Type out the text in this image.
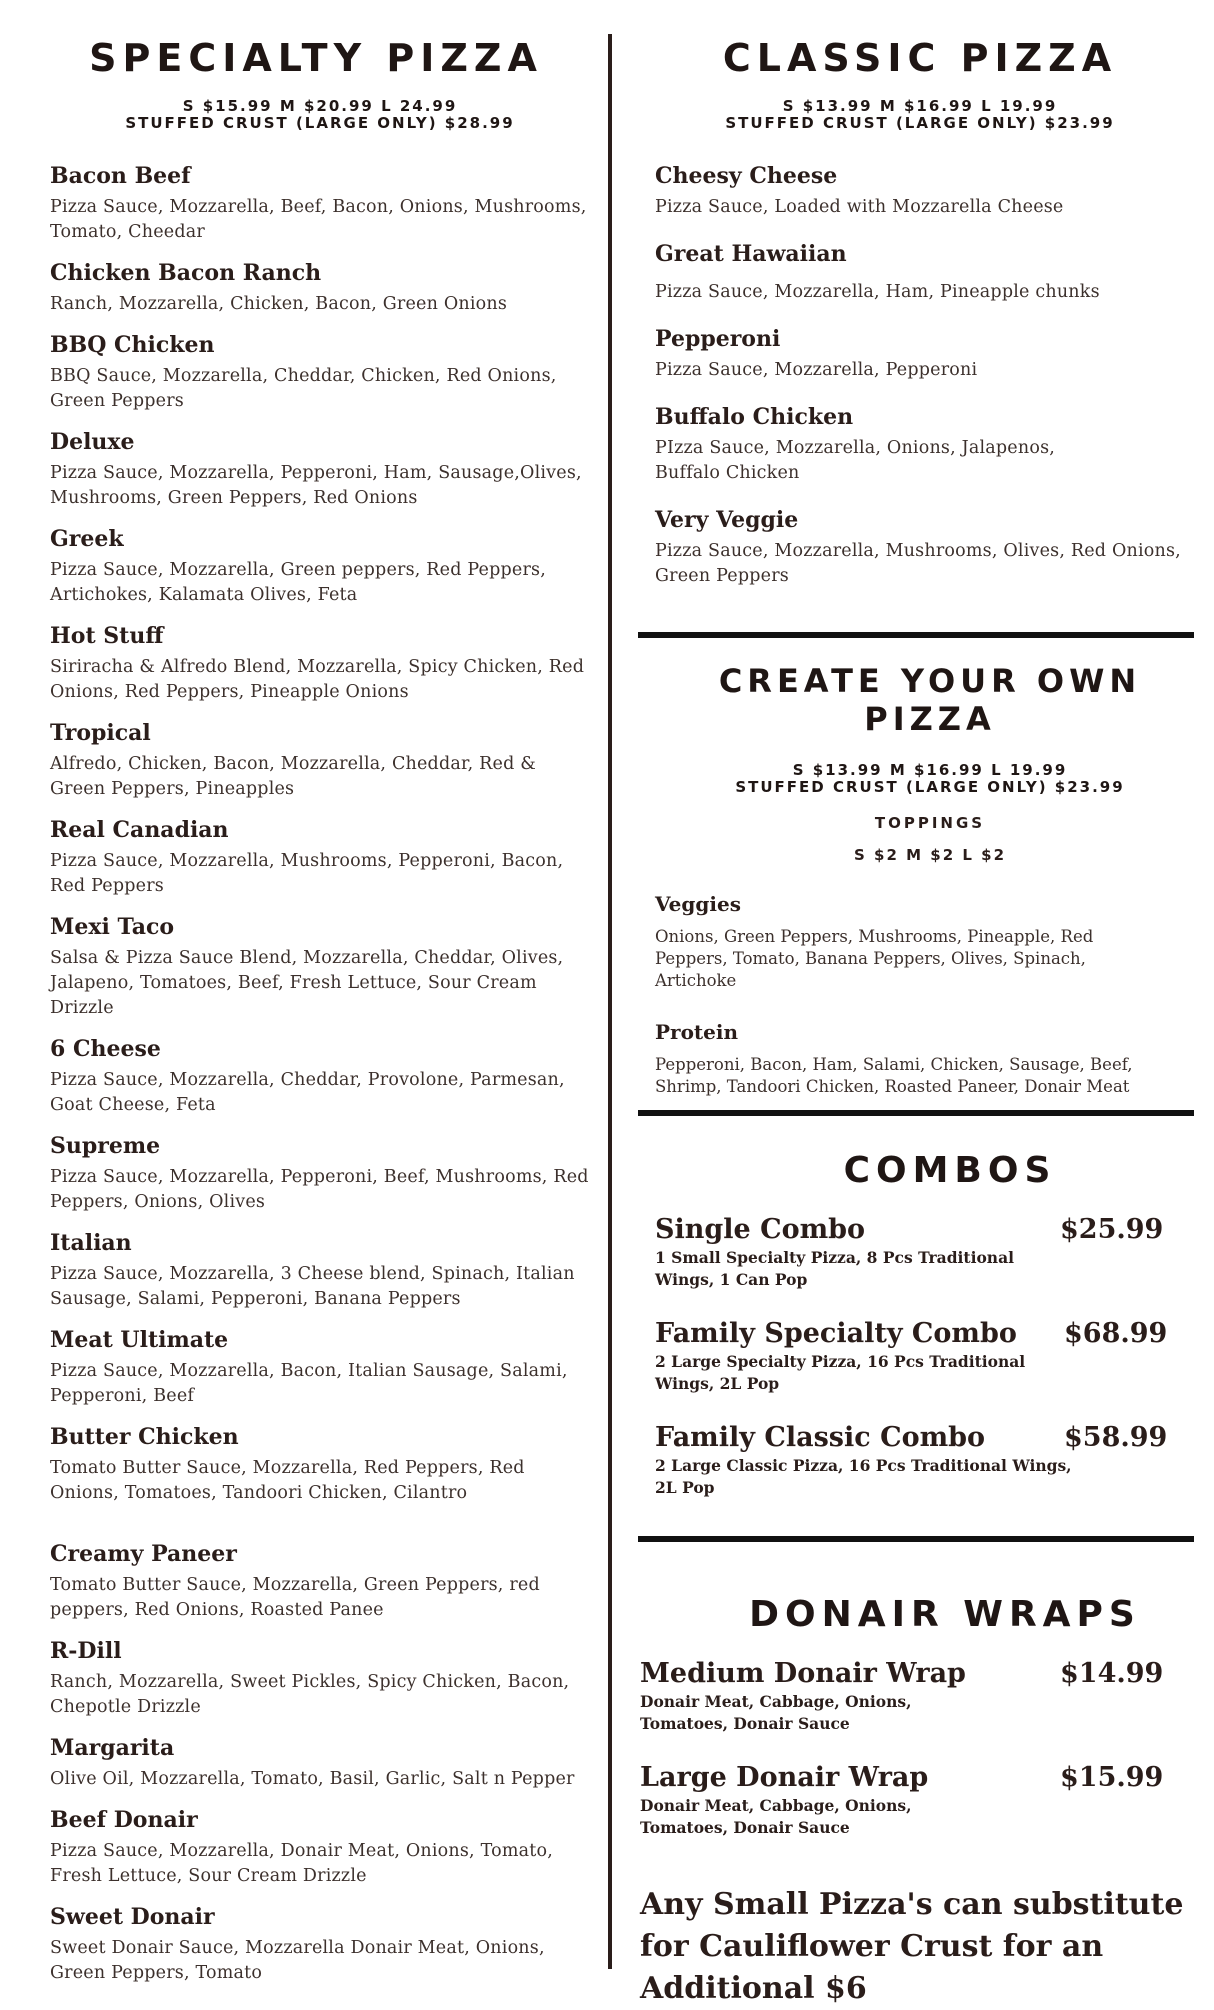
SPECIALTY PIZZA
S $15.99 M $20.99 L 24.99
STUFFED CRUST (LARGE ONLY) $28.99
Bacon Beef
Pizza Sauce, Mozzarella, Beef, Bacon, Onions, Mushrooms, Tomato, Cheedar
Chicken Bacon Ranch
Ranch, Mozzarella, Chicken, Bacon, Green Onions
BBQ Chicken
BBQ Sauce, Mozzarella, Cheddar, Chicken, Red Onions, Green Peppers
Deluxe
Pizza Sauce, Mozzarella, Pepperoni, Ham, Sausage,Olives, Mushrooms, Green Peppers, Red Onions
Greek
Pizza Sauce, Mozzarella, Green peppers, Red Peppers, Artichokes, Kalamata Olives, Feta
Hot Stuff
Siriracha & Alfredo Blend, Mozzarella, Spicy Chicken, Red Onions, Red Peppers, Pineapple Onions
Tropical
Alfredo, Chicken, Bacon, Mozzarella, Cheddar, Red & Green Peppers, Pineapples
Real Canadian
Pizza Sauce, Mozzarella, Mushrooms, Pepperoni, Bacon, Red Peppers
Mexi Taco
Salsa & Pizza Sauce Blend, Mozzarella, Cheddar, Olives, Jalapeno, Tomatoes, Beef, Fresh Lettuce, Sour Cream Drizzle
6 Cheese
Pizza Sauce, Mozzarella, Cheddar, Provolone, Parmesan, Goat Cheese, Feta
Supreme
Pizza Sauce, Mozzarella, Pepperoni, Beef, Mushrooms, Red Peppers, Onions, Olives
Italian
Pizza Sauce, Mozzarella, 3 Cheese blend, Spinach, Italian Sausage, Salami, Pepperoni, Banana Peppers
Meat Ultimate
Pizza Sauce, Mozzarella, Bacon, Italian Sausage, Salami, Pepperoni, Beef
Butter Chicken
Tomato Butter Sauce, Mozzarella, Red Peppers, Red Onions, Tomatoes, Tandoori Chicken, Cilantro
Creamy Paneer
Tomato Butter Sauce, Mozzarella, Green Peppers, red peppers, Red Onions, Roasted Panee
R-Dill
Ranch, Mozzarella, Sweet Pickles, Spicy Chicken, Bacon, Chepotle Drizzle
Margarita
Olive Oil, Mozzarella, Tomato, Basil, Garlic, Salt n Pepper
Beef Donair
Pizza Sauce, Mozzarella, Donair Meat, Onions, Tomato, Fresh Lettuce, Sour Cream Drizzle
Sweet Donair
Sweet Donair Sauce, Mozzarella Donair Meat, Onions, Green Peppers, Tomato
CLASSIC PIZZA
S $13.99 M $16.99 L 19.99
STUFFED CRUST (LARGE ONLY) $23.99
Cheesy Cheese
Pizza Sauce, Loaded with Mozzarella Cheese
Great Hawaiian
Pizza Sauce, Mozzarella, Ham, Pineapple chunks
Pepperoni
Pizza Sauce, Mozzarella, Pepperoni
Buffalo Chicken
PIzza Sauce, Mozzarella, Onions, Jalapenos, Buffalo Chicken
Very Veggie
Pizza Sauce, Mozzarella, Mushrooms, Olives, Red Onions, Green Peppers
CREATE YOUR OWN PIZZA
S $13.99 M $16.99 L 19.99
STUFFED CRUST (LARGE ONLY) $23.99
TOPPINGS
S $2 M $2 L $2
Veggies
Onions, Green Peppers, Mushrooms, Pineapple, Red Peppers, Tomato, Banana Peppers, Olives, Spinach, Artichoke
Protein
Pepperoni, Bacon, Ham, Salami, Chicken, Sausage, Beef, Shrimp, Tandoori Chicken, Roasted Paneer, Donair Meat
COMBOS
Single Combo	$25.99
1 Small Specialty Pizza, 8 Pcs Traditional Wings, 1 Can Pop
Family Specialty Combo	$68.99
2 Large Specialty Pizza, 16 Pcs Traditional Wings, 2L Pop
Family Classic Combo	$58.99
2 Large Classic Pizza, 16 Pcs Traditional Wings, 2L Pop
DONAIR WRAPS
Medium Donair Wrap	$14.99
Donair Meat, Cabbage, Onions, Tomatoes, Donair Sauce
Large Donair Wrap	$15.99
Donair Meat, Cabbage, Onions, Tomatoes, Donair Sauce
Any Small Pizza's can substitute for Cauliflower Crust for an Additional $6
